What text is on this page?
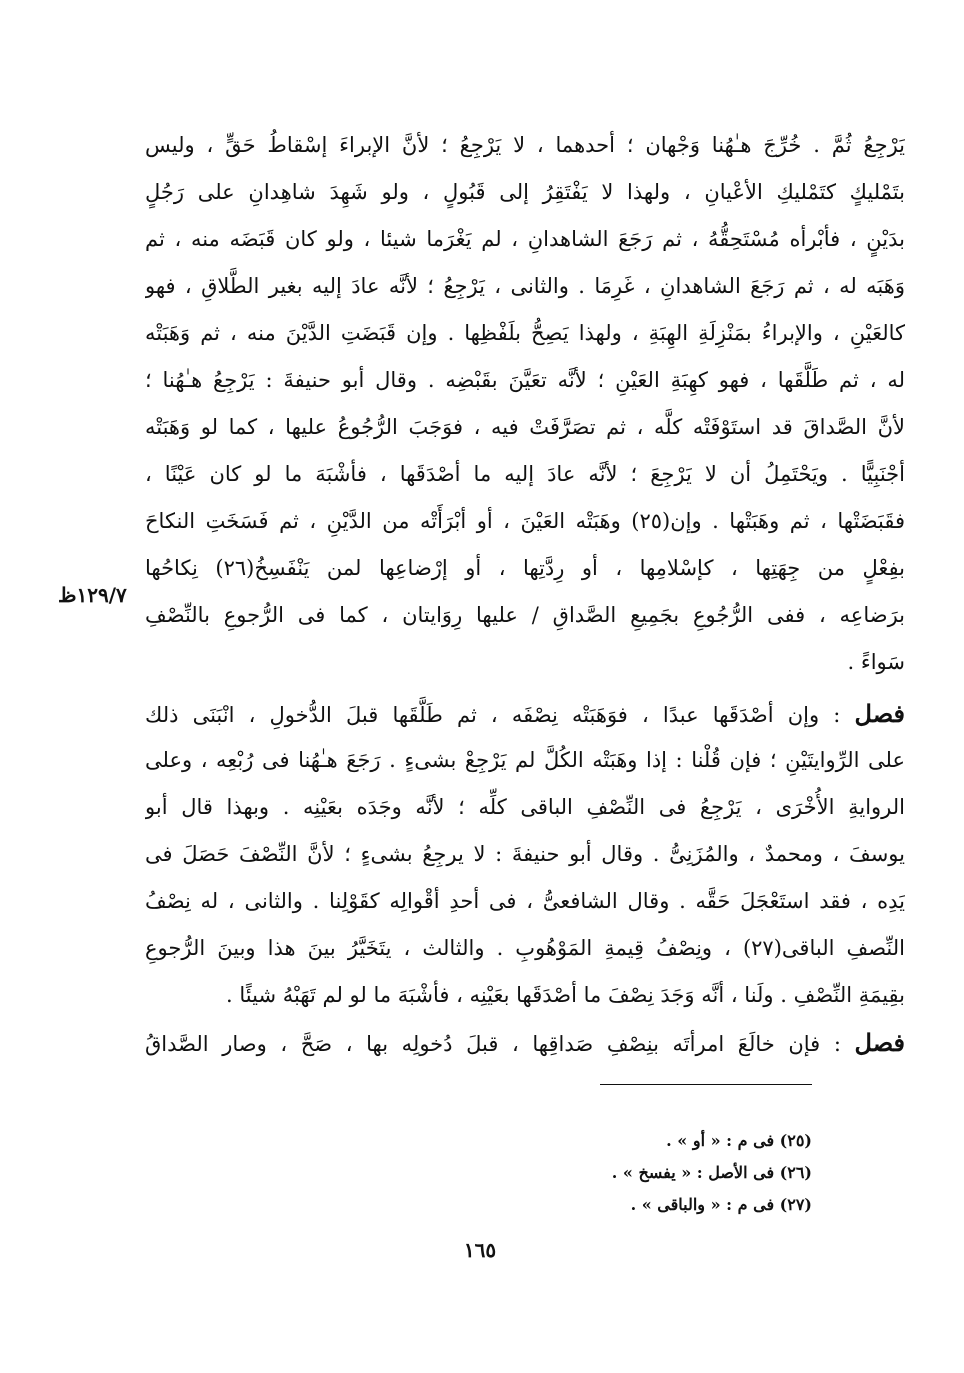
يَرْجِعُ ثُمَّ . خُرِّجَ هـٰهُنا وَجْهان ؛ أحدهما ، لا يَرْجِعُ ؛ لأنَّ الإبراءَ إسْقاطُ حَقٍّ ، وليس
بتَمْليكٍ كتَمْليكِ الأعْيانِ ، ولهذا لا يَفْتَقِرُ إلى قَبُولٍ ، ولو شَهِدَ شاهِدانِ على رَجُلٍ
بدَيْنٍ ، فأبْرأه مُسْتَحِقُّهُ ، ثم رَجَعَ الشاهدانِ ، لم يَغْرَما شيئا ، ولو كان قَبَضَه منه ، ثم
وَهَبَه له ، ثم رَجَعَ الشاهدانِ ، غَرِمَا . والثانى ، يَرْجِعُ ؛ لأنَّه عادَ إليه بغير الطَّلاقِ ، فهو
كالعَيْنِ ، والإبراءُ بمَنْزِلَةِ الهِبَةِ ، ولهذا يَصِحُّ بلَفْظِها . وإن قَبَضَتِ الدَّيْنَ منه ، ثم وَهَبَتْه
له ، ثم طَلَّقَها ، فهو كهِبَةِ العَيْنِ ؛ لأنَّه تعَيَّنَ بقَبْضِه . وقال أبو حنيفةَ : يَرْجِعُ هـٰهُنا ؛
لأنَّ الصَّداقَ قد استَوْفَتْه كلَّه ، ثم تصَرَّفَتْ فيه ، فوَجَبَ الرُّجُوعُ عليها ، كما لو وَهَبَتْه
أجْنَبِيًّا . ويَحْتَمِلُ أن لا يَرْجِعَ ؛ لأنَّه عادَ إليه ما أصْدَقَها ، فأشْبَهَ ما لو كان عَيْنًا ،
فقَبَضَتْها ، ثم وهَبَتْها . وإن(٢٥) وهَبَتْه العَيْنَ ، أو أبْرَأَتْه من الدَّيْنِ ، ثم فَسَخَتِ النكاحَ
بفِعْلٍ من جِهَتِها ، كإسْلامِها ، أو رِدَّتِها ، أو إرْضاعِها لمن يَنْفَسِخُ(٢٦) نِكاحُها
برَضاعِه ، ففى الرُّجُوعِ بجَمِيعِ الصَّداقِ / عليها رِوَايتان ، كما فى الرُّجوعِ بالنِّصْفِ
سَواءً .
فصل : وإن أصْدَقَها عبدًا ، فوَهَبَتْه نِصْفَه ، ثم طَلَّقَها قبلَ الدُّخولِ ، انْبَنَى ذلك
على الرِّوايتَيْنِ ؛ فإن قُلْنا : إذا وهَبَتْه الكُلَّ لم يَرْجِعْ بشىءٍ . رَجَعَ هـٰهُنا فى رُبْعِه ، وعلى
الروايةِ الأُخْرَى ، يَرْجِعُ فى النِّصْفِ الباقى كلِّه ؛ لأنَّه وجَدَه بعَيْنِه . وبهذا قال أبو
يوسفَ ، ومحمدٌ ، والمُزَنِىُّ . وقال أبو حنيفةَ : لا يرجِعُ بشىءٍ ؛ لأنَّ النِّصْفَ حَصَلَ فى
يَدِه ، فقد استَعْجَلَ حَقَّه . وقال الشافعىُّ ، فى أحدِ أقْوالِه كقَوْلِنا . والثانى ، له نِصْفُ
النِّصفِ الباقى(٢٧) ، ونِصْفُ قِيمةِ المَوْهُوبِ . والثالث ، يتَخَيَّرُ بينَ هذا وبينَ الرُّجوعِ
بقِيمَةِ النِّصْفِ . ولَنا ، أنَّه وَجَدَ نِصْفَ ما أصْدَقَها بعَيْنِه ، فأشْبَهَ ما لو لم تَهَبْهُ شيئًا .
فصل : فإن خالَعَ امرأتَه بنِصْفِ صَداقِها ، قبلَ دُخولِه بها ، صَحَّ ، وصار الصَّداقُ
١٢٩/٧ظ
(٢٥) فى م : « أو » .
(٢٦) فى الأصل : « يفسخ » .
(٢٧) فى م : « والباقى » .
١٦٥
